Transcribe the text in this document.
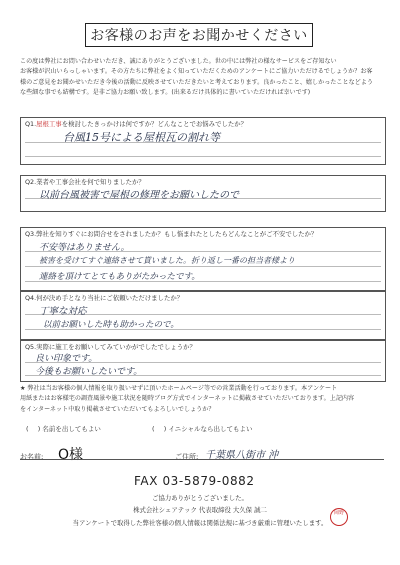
お客様のお声をお聞かせください
この度は弊社にお問い合わせいただき、誠にありがとうございました。世の中には弊社の様なサービスをご存知ない
お客様が沢山いらっしゃいます。その方たちに弊社をよく知っていただくためのアンケートにご協力いただけるでしょうか？お客
様のご意見をお聞かせいただき今後の活動に反映させていただきたいと考えております。良かったこと、嬉しかったことなどよう
な些細な事でも結構です。是非ご協力お願い致します。(出来るだけ具体的に書いていただければ幸いです)
Q1.屋根工事を検討したきっかけは何ですか？どんなことでお悩みでしたか？
台風15号による屋根瓦の割れ等
Q2.業者や工事会社を何で知りましたか？
以前台風被害で屋根の修理をお願いしたので
Q3.弊社を知りすぐにお問合せをされましたか？もし悩まれたとしたらどんなことがご不安でしたか？
不安等はありません。
被害を受けてすぐ連絡させて貰いました。折り返し一番の担当者様より
連絡を頂けてとてもありがたかったです。
Q4.何が決め手となり当社にご依頼いただけましたか？
丁寧な対応
以前お願いした時も助かったので。
Q5.実際に施工をお願いしてみていかがでしたでしょうか？
良い印象です。
今後もお願いしたいです。
★ 弊社は当お客様の個人情報を取り扱いせずに頂いたホームページ等での営業活動を行っております。本アンケート
用紙またはお客様宅の調査風景や施工状況を随時ブログ方式でインターネットに掲載させていただいております。上記内容
をインターネット中取り掲載させていただいてもよろしいでしょうか？
( ) 名前を出してもよい	( ) イニシャルなら出してもよい
お名前: O様	ご住所: 千葉県八街市 沖
FAX 03-5879-0882
ご協力ありがとうございました。
株式会社シェアテック 代表取締役 大久保 誠二
当アンケートで取得した弊社客様の個人情報は関係法規に基づき厳重に管理いたします。
岡野
